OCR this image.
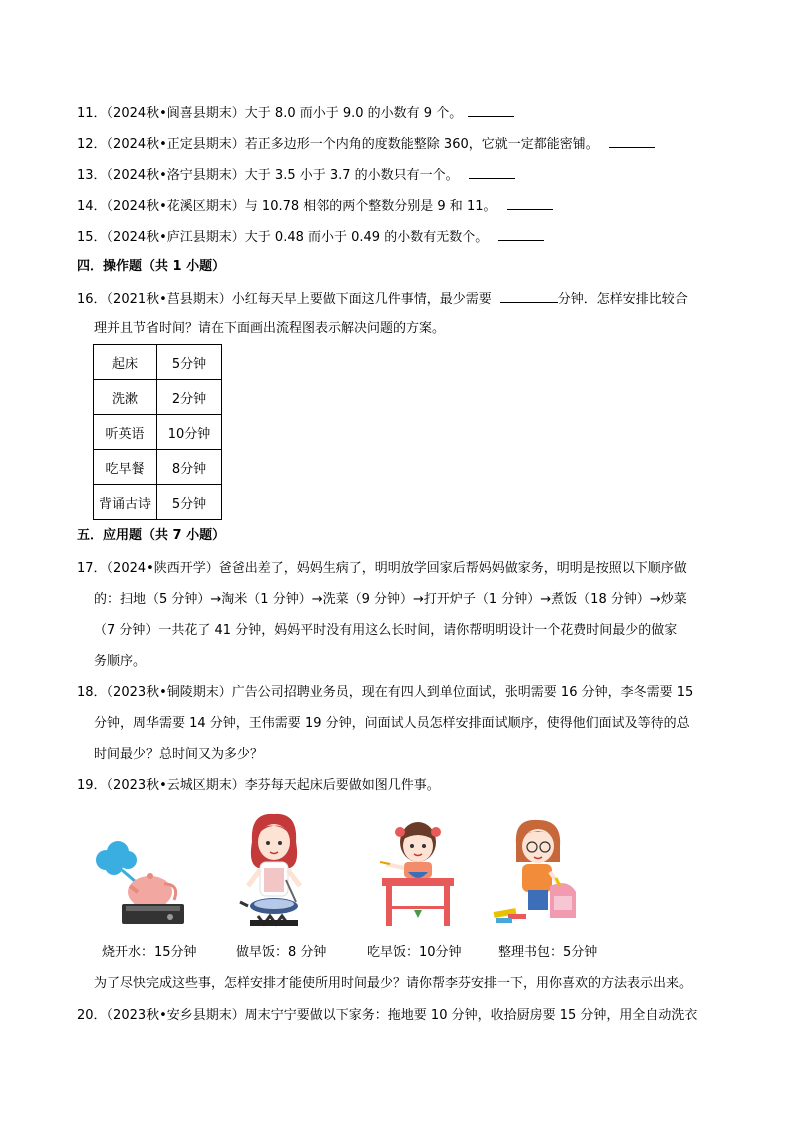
11．（2024秋•阆喜县期末）大于 8.0 而小于 9.0 的小数有 9 个。
12．（2024秋•正定县期末）若正多边形一个内角的度数能整除 360，它就一定都能密铺。
13．（2024秋•洛宁县期末）大于 3.5 小于 3.7 的小数只有一个。
14．（2024秋•花溪区期末）与 10.78 相邻的两个整数分别是 9 和 11。
15．（2024秋•庐江县期末）大于 0.48 而小于 0.49 的小数有无数个。
四．操作题（共 1 小题）
16．（2021秋•莒县期末）小红每天早上要做下面这几件事情，最少需要	分钟．怎样安排比较合
理并且节省时间？请在下面画出流程图表示解决问题的方案。
起床	5分钟
洗漱	2分钟
听英语	10分钟
吃早餐	8分钟
背诵古诗	5分钟
五．应用题（共 7 小题）
17．（2024•陕西开学）爸爸出差了，妈妈生病了，明明放学回家后帮妈妈做家务，明明是按照以下顺序做
的：扫地（5 分钟）→淘米（1 分钟）→洗菜（9 分钟）→打开炉子（1 分钟）→煮饭（18 分钟）→炒菜
（7 分钟）一共花了 41 分钟，妈妈平时没有用这么长时间，请你帮明明设计一个花费时间最少的做家
务顺序。
18．（2023秋•铜陵期末）广告公司招聘业务员，现在有四人到单位面试，张明需要 16 分钟，李冬需要 15
分钟，周华需要 14 分钟，王伟需要 19 分钟，问面试人员怎样安排面试顺序，使得他们面试及等待的总
时间最少？总时间又为多少？
19．（2023秋•云城区期末）李芬每天起床后要做如图几件事。
烧开水：15分钟	做早饭：8 分钟	吃早饭：10分钟	整理书包：5分钟
为了尽快完成这些事，怎样安排才能使所用时间最少？请你帮李芬安排一下，用你喜欢的方法表示出来。
20．（2023秋•安乡县期末）周末宁宁要做以下家务：拖地要 10 分钟，收拾厨房要 15 分钟，用全自动洗衣
